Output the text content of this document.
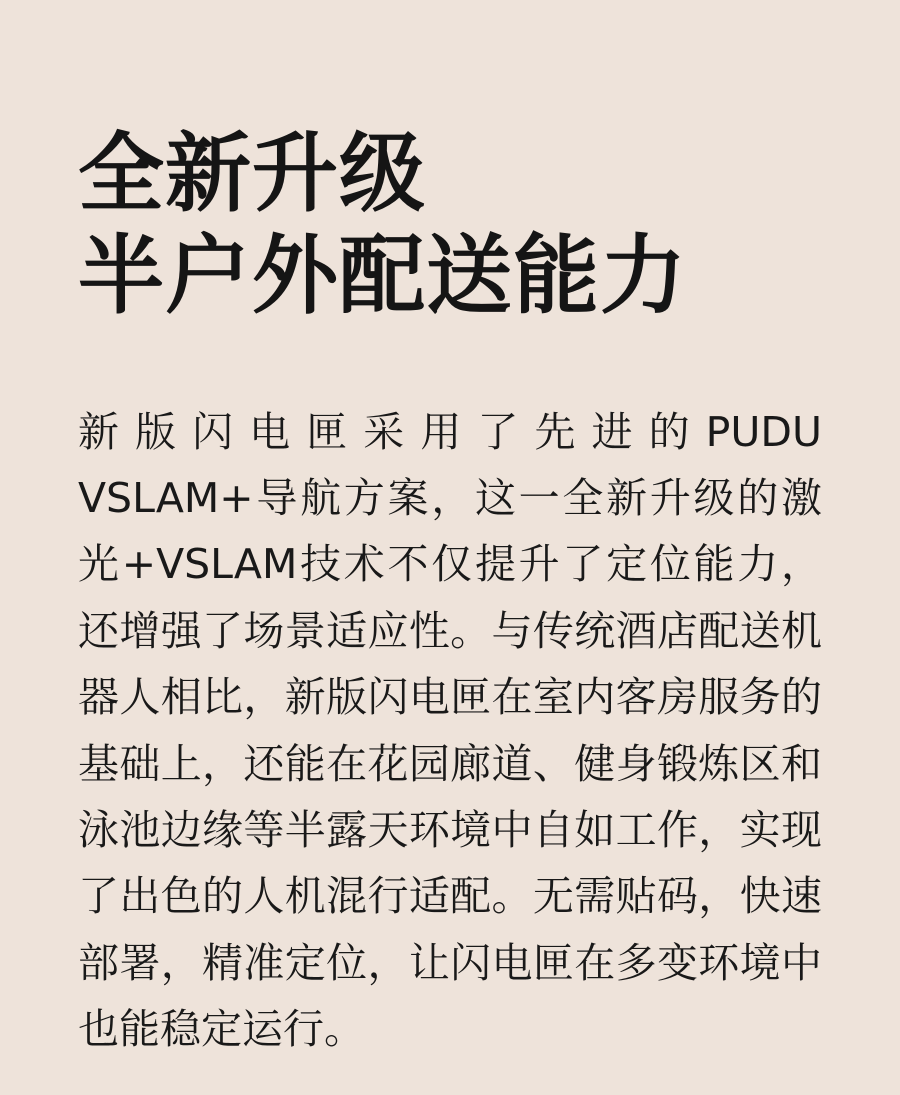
全新升级
半户外配送能力
新版闪电匣采用了先进的PUDU VSLAM+导航方案，这一全新升级的激光+VSLAM技术不仅提升了定位能力，还增强了场景适应性。与传统酒店配送机器人相比，新版闪电匣在室内客房服务的基础上，还能在花园廊道、健身锻炼区和泳池边缘等半露天环境中自如工作，实现了出色的人机混行适配。无需贴码，快速部署，精准定位，让闪电匣在多变环境中也能稳定运行。
